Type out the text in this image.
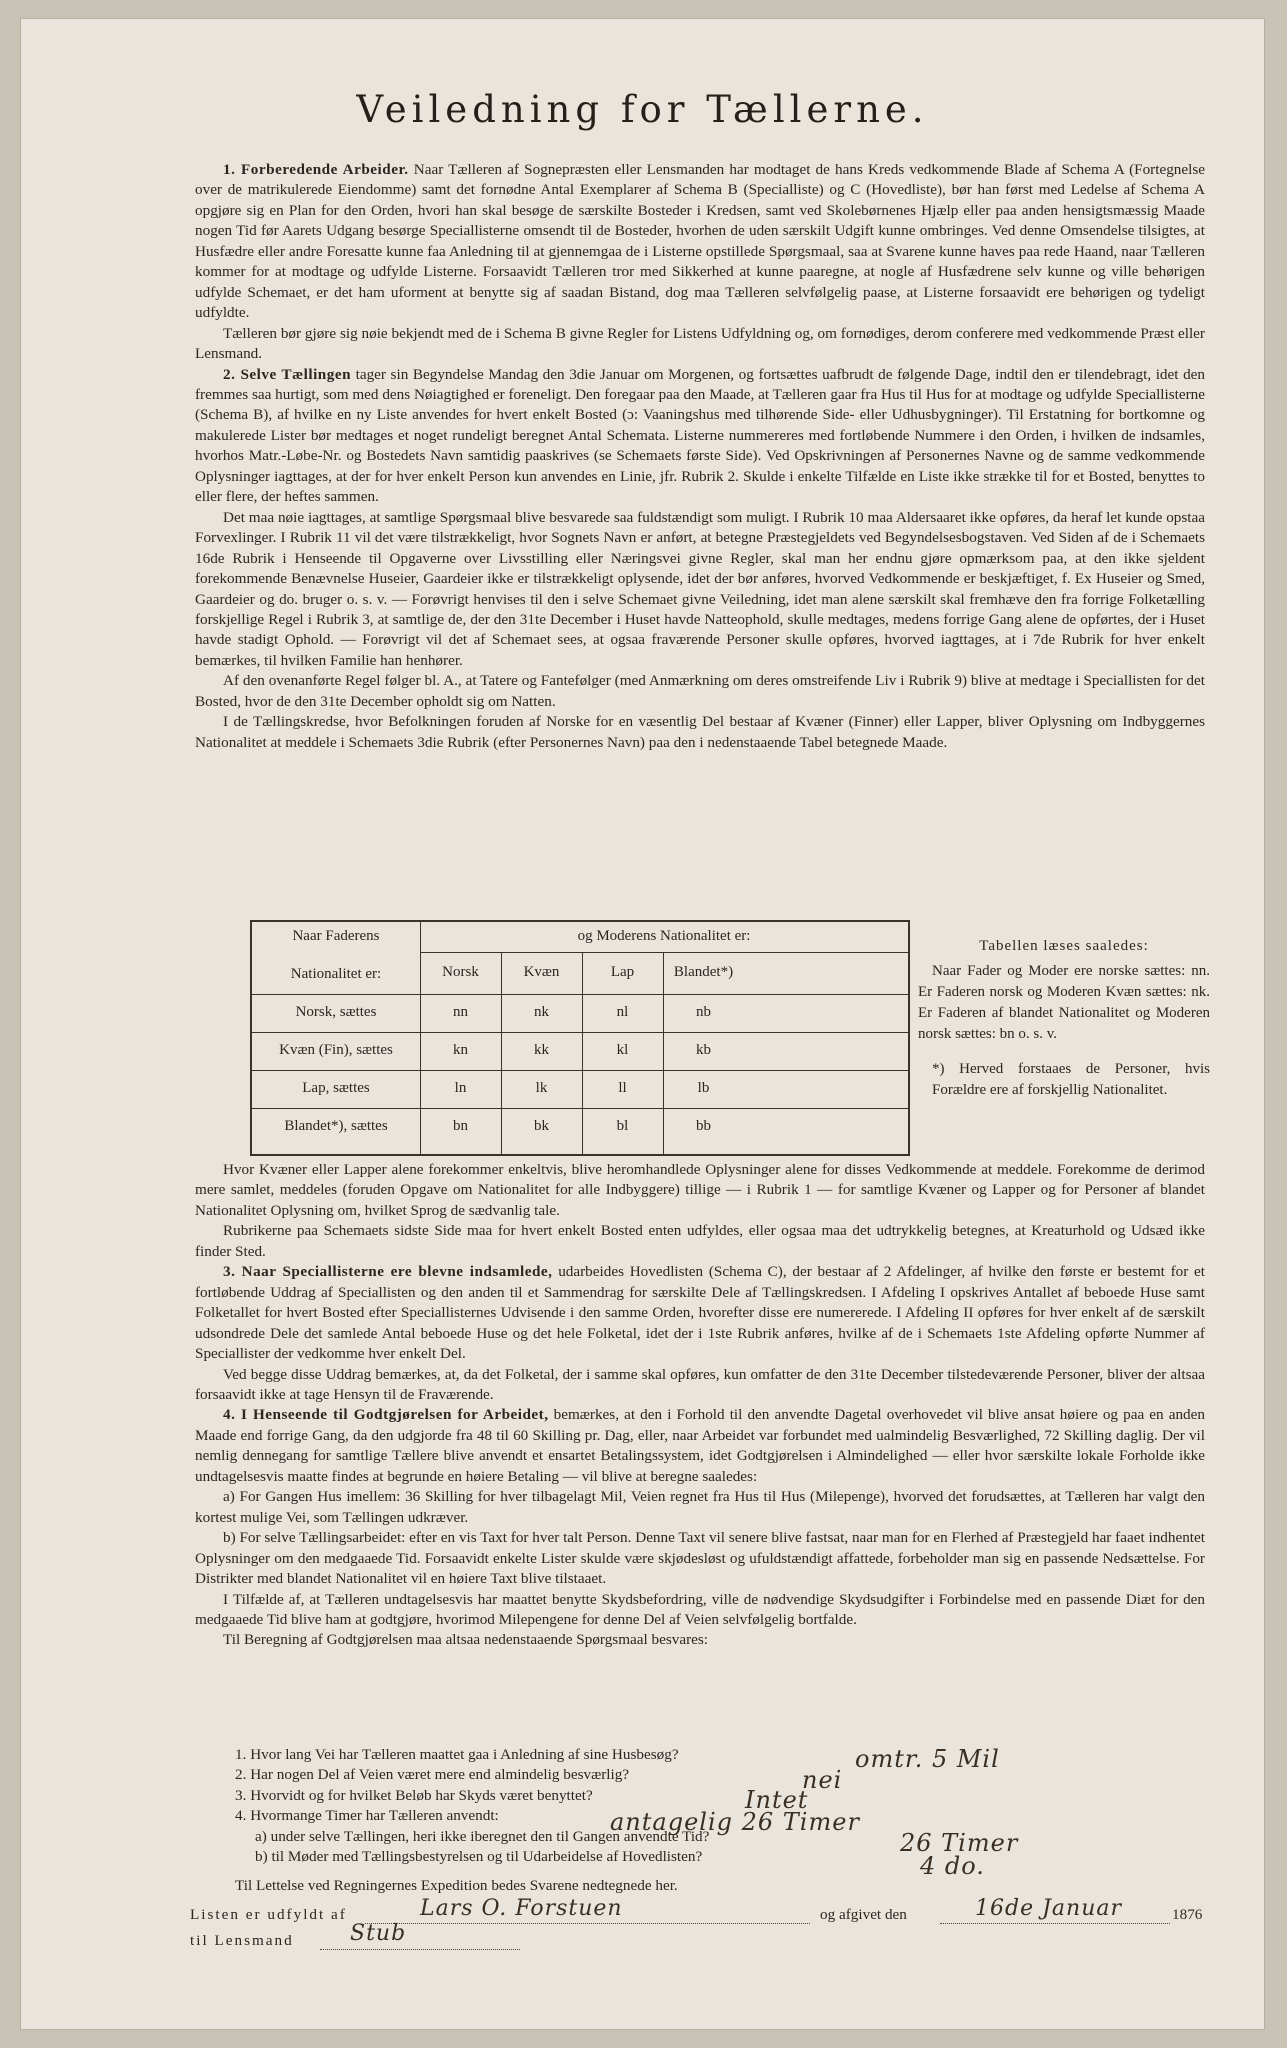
Veiledning for Tællerne.

1. Forberedende Arbeider. Naar Tælleren af Sognepræsten eller Lensmanden har modtaget de hans Kreds vedkommende Blade af Schema A (Fortegnelse over de matrikulerede Eiendomme) samt det fornødne Antal Exemplarer af Schema B (Specialliste) og C (Hovedliste), bør han først med Ledelse af Schema A opgjøre sig en Plan for den Orden, hvori han skal besøge de særskilte Bosteder i Kredsen, samt ved Skolebørnenes Hjælp eller paa anden hensigtsmæssig Maade nogen Tid før Aarets Udgang besørge Speciallisterne omsendt til de Bosteder, hvorhen de uden særskilt Udgift kunne ombringes. Ved denne Omsendelse tilsigtes, at Husfædre eller andre Foresatte kunne faa Anledning til at gjennemgaa de i Listerne opstillede Spørgsmaal, saa at Svarene kunne haves paa rede Haand, naar Tælleren kommer for at modtage og udfylde Listerne. Forsaavidt Tælleren tror med Sikkerhed at kunne paaregne, at nogle af Husfædrene selv kunne og ville behørigen udfylde Schemaet, er det ham uforment at benytte sig af saadan Bistand, dog maa Tælleren selvfølgelig paase, at Listerne forsaavidt ere behørigen og tydeligt udfyldte.

Tælleren bør gjøre sig nøie bekjendt med de i Schema B givne Regler for Listens Udfyldning og, om fornødiges, derom conferere med vedkommende Præst eller Lensmand.

2. Selve Tællingen tager sin Begyndelse Mandag den 3die Januar om Morgenen, og fortsættes uafbrudt de følgende Dage, indtil den er tilendebragt, idet den fremmes saa hurtigt, som med dens Nøiagtighed er foreneligt. Den foregaar paa den Maade, at Tælleren gaar fra Hus til Hus for at modtage og udfylde Speciallisterne (Schema B), af hvilke en ny Liste anvendes for hvert enkelt Bosted (ɔ: Vaaningshus med tilhørende Side- eller Udhusbygninger). Til Erstatning for bortkomne og makulerede Lister bør medtages et noget rundeligt beregnet Antal Schemata. Listerne nummereres med fortløbende Nummere i den Orden, i hvilken de indsamles, hvorhos Matr.-Løbe-Nr. og Bostedets Navn samtidig paaskrives (se Schemaets første Side). Ved Opskrivningen af Personernes Navne og de samme vedkommende Oplysninger iagttages, at der for hver enkelt Person kun anvendes en Linie, jfr. Rubrik 2. Skulde i enkelte Tilfælde en Liste ikke strække til for et Bosted, benyttes to eller flere, der heftes sammen.

Det maa nøie iagttages, at samtlige Spørgsmaal blive besvarede saa fuldstændigt som muligt. I Rubrik 10 maa Aldersaaret ikke opføres, da heraf let kunde opstaa Forvexlinger. I Rubrik 11 vil det være tilstrækkeligt, hvor Sognets Navn er anført, at betegne Præstegjeldets ved Begyndelsesbogstaven. Ved Siden af de i Schemaets 16de Rubrik i Henseende til Opgaverne over Livsstilling eller Næringsvei givne Regler, skal man her endnu gjøre opmærksom paa, at den ikke sjeldent forekommende Benævnelse Huseier, Gaardeier ikke er tilstrækkeligt oplysende, idet der bør anføres, hvorved Vedkommende er beskjæftiget, f. Ex Huseier og Smed, Gaardeier og do. bruger o. s. v. — Forøvrigt henvises til den i selve Schemaet givne Veiledning, idet man alene særskilt skal fremhæve den fra forrige Folketælling forskjellige Regel i Rubrik 3, at samtlige de, der den 31te December i Huset havde Natteophold, skulle medtages, medens forrige Gang alene de opførtes, der i Huset havde stadigt Ophold. — Forøvrigt vil det af Schemaet sees, at ogsaa fraværende Personer skulle opføres, hvorved iagttages, at i 7de Rubrik for hver enkelt bemærkes, til hvilken Familie han henhører.

Af den ovenanførte Regel følger bl. A., at Tatere og Fantefølger (med Anmærkning om deres omstreifende Liv i Rubrik 9) blive at medtage i Speciallisten for det Bosted, hvor de den 31te December opholdt sig om Natten.

I de Tællingskredse, hvor Befolkningen foruden af Norske for en væsentlig Del bestaar af Kvæner (Finner) eller Lapper, bliver Oplysning om Indbyggernes Nationalitet at meddele i Schemaets 3die Rubrik (efter Personernes Navn) paa den i nedenstaaende Tabel betegnede Maade.

Naar Faderens
Nationalitet er:
og Moderens Nationalitet er:
Norsk	Kvæn	Lap	Blandet*)
Norsk, sættes	nn	nk	nl	nb
Kvæn (Fin), sættes	kn	kk	kl	kb
Lap, sættes	ln	lk	ll	lb
Blandet*), sættes	bn	bk	bl	bb

Tabellen læses saaledes:

Naar Fader og Moder ere norske sættes: nn. Er Faderen norsk og Moderen Kvæn sættes: nk. Er Faderen af blandet Nationalitet og Moderen norsk sættes: bn o. s. v.

*) Herved forstaaes de Personer, hvis Forældre ere af forskjellig Nationalitet.

Hvor Kvæner eller Lapper alene forekommer enkeltvis, blive heromhandlede Oplysninger alene for disses Vedkommende at meddele. Forekomme de derimod mere samlet, meddeles (foruden Opgave om Nationalitet for alle Indbyggere) tillige — i Rubrik 1 — for samtlige Kvæner og Lapper og for Personer af blandet Nationalitet Oplysning om, hvilket Sprog de sædvanlig tale.

Rubrikerne paa Schemaets sidste Side maa for hvert enkelt Bosted enten udfyldes, eller ogsaa maa det udtrykkelig betegnes, at Kreaturhold og Udsæd ikke finder Sted.

3. Naar Speciallisterne ere blevne indsamlede, udarbeides Hovedlisten (Schema C), der bestaar af 2 Afdelinger, af hvilke den første er bestemt for et fortløbende Uddrag af Speciallisten og den anden til et Sammendrag for særskilte Dele af Tællingskredsen. I Afdeling I opskrives Antallet af beboede Huse samt Folketallet for hvert Bosted efter Speciallisternes Udvisende i den samme Orden, hvorefter disse ere numererede. I Afdeling II opføres for hver enkelt af de særskilt udsondrede Dele det samlede Antal beboede Huse og det hele Folketal, idet der i 1ste Rubrik anføres, hvilke af de i Schemaets 1ste Afdeling opførte Nummer af Speciallister der vedkomme hver enkelt Del.

Ved begge disse Uddrag bemærkes, at, da det Folketal, der i samme skal opføres, kun omfatter de den 31te December tilstedeværende Personer, bliver der altsaa forsaavidt ikke at tage Hensyn til de Fraværende.

4. I Henseende til Godtgjørelsen for Arbeidet, bemærkes, at den i Forhold til den anvendte Dagetal overhovedet vil blive ansat høiere og paa en anden Maade end forrige Gang, da den udgjorde fra 48 til 60 Skilling pr. Dag, eller, naar Arbeidet var forbundet med ualmindelig Besværlighed, 72 Skilling daglig. Der vil nemlig dennegang for samtlige Tællere blive anvendt et ensartet Betalingssystem, idet Godtgjørelsen i Almindelighed — eller hvor særskilte lokale Forholde ikke undtagelsesvis maatte findes at begrunde en høiere Betaling — vil blive at beregne saaledes:

a) For Gangen Hus imellem: 36 Skilling for hver tilbagelagt Mil, Veien regnet fra Hus til Hus (Milepenge), hvorved det forudsættes, at Tælleren har valgt den kortest mulige Vei, som Tællingen udkræver.

b) For selve Tællingsarbeidet: efter en vis Taxt for hver talt Person. Denne Taxt vil senere blive fastsat, naar man for en Flerhed af Præstegjeld har faaet indhentet Oplysninger om den medgaaede Tid. Forsaavidt enkelte Lister skulde være skjødesløst og ufuldstændigt affattede, forbeholder man sig en passende Nedsættelse. For Distrikter med blandet Nationalitet vil en høiere Taxt blive tilstaaet.

I Tilfælde af, at Tælleren undtagelsesvis har maattet benytte Skydsbefordring, ville de nødvendige Skydsudgifter i Forbindelse med en passende Diæt for den medgaaede Tid blive ham at godtgjøre, hvorimod Milepengene for denne Del af Veien selvfølgelig bortfalde.

Til Beregning af Godtgjørelsen maa altsaa nedenstaaende Spørgsmaal besvares:

1. Hvor lang Vei har Tælleren maattet gaa i Anledning af sine Husbesøg?

2. Har nogen Del af Veien været mere end almindelig besværlig?

3. Hvorvidt og for hvilket Beløb har Skyds været benyttet?

4. Hvormange Timer har Tælleren anvendt:

a) under selve Tællingen, heri ikke iberegnet den til Gangen anvendte Tid?

b) til Møder med Tællingsbestyrelsen og til Udarbeidelse af Hovedlisten?

omtr. 5 Mil
nei
Intet
antagelig 26 Timer
26 Timer
4 do.
Til Lettelse ved Regningernes Expedition bedes Svarene nedtegnede her.
Listen er udfyldt af	Lars O. Forstuen	og afgivet den	16de Januar	1876
til Lensmand	Stub
